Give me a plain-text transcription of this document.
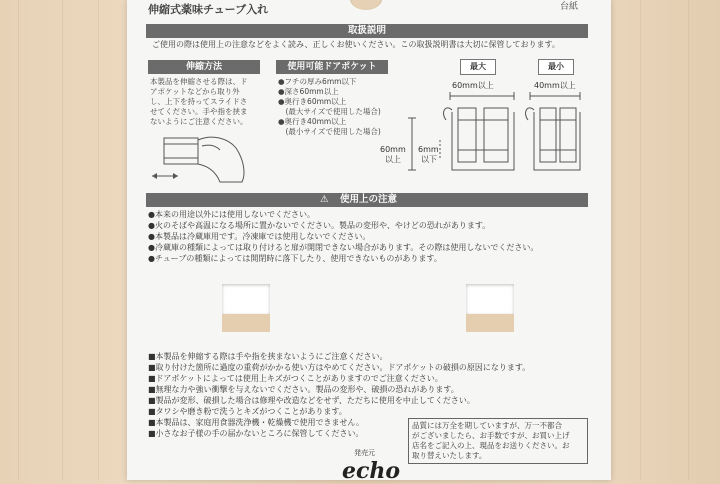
伸縮式薬味チューブ入れ	台紙
取扱説明
ご使用の際は使用上の注意などをよく読み、正しくお使いください。この取扱説明書は大切に保管しております。
伸縮方法
本製品を伸縮させる際は、ド
アポケットなどから取り外
し、上下を持ってスライドさ
せてください。手や指を挟ま
ないようにご注意ください。
使用可能ドアポケット
●フチの厚み6mm以下
●深さ60mm以上
●奥行き60mm以上
　(最大サイズで使用した場合)
●奥行き40mm以上
　(最小サイズで使用した場合)
最大	最小
60mm以上	40mm以上
60mm
以上
6mm
以下
⚠ 使用上の注意
●本来の用途以外には使用しないでください。
●火のそばや高温になる場所に置かないでください。製品の変形や、やけどの恐れがあります。
●本製品は冷蔵庫用です。冷凍庫では使用しないでください。
●冷蔵庫の種類によっては取り付けると扉が開閉できない場合があります。その際は使用しないでください。
●チューブの種類によっては開閉時に落下したり、使用できないものがあります。
■本製品を伸縮する際は手や指を挟まないようにご注意ください。
■取り付けた箇所に過度の重荷がかかる使い方はやめてください。ドアポケットの破損の原因になります。
■ドアポケットによっては使用上キズがつくことがありますのでご注意ください。
■無理な力や強い衝撃を与えないでください。製品の変形や、破損の恐れがあります。
■製品が変形、破損した場合は修理や改造などをせず、ただちに使用を中止してください。
■タワシや磨き粉で洗うとキズがつくことがあります。
■本製品は、家庭用食器洗浄機・乾燥機で使用できません。
■小さなお子様の手の届かないところに保管してください。
品質には万全を期していますが、万一不都合
がございましたら、お手数ですが、お買い上げ
店名をご記入の上、現品をお送りください。お
取り替えいたします。
発売元
echo
